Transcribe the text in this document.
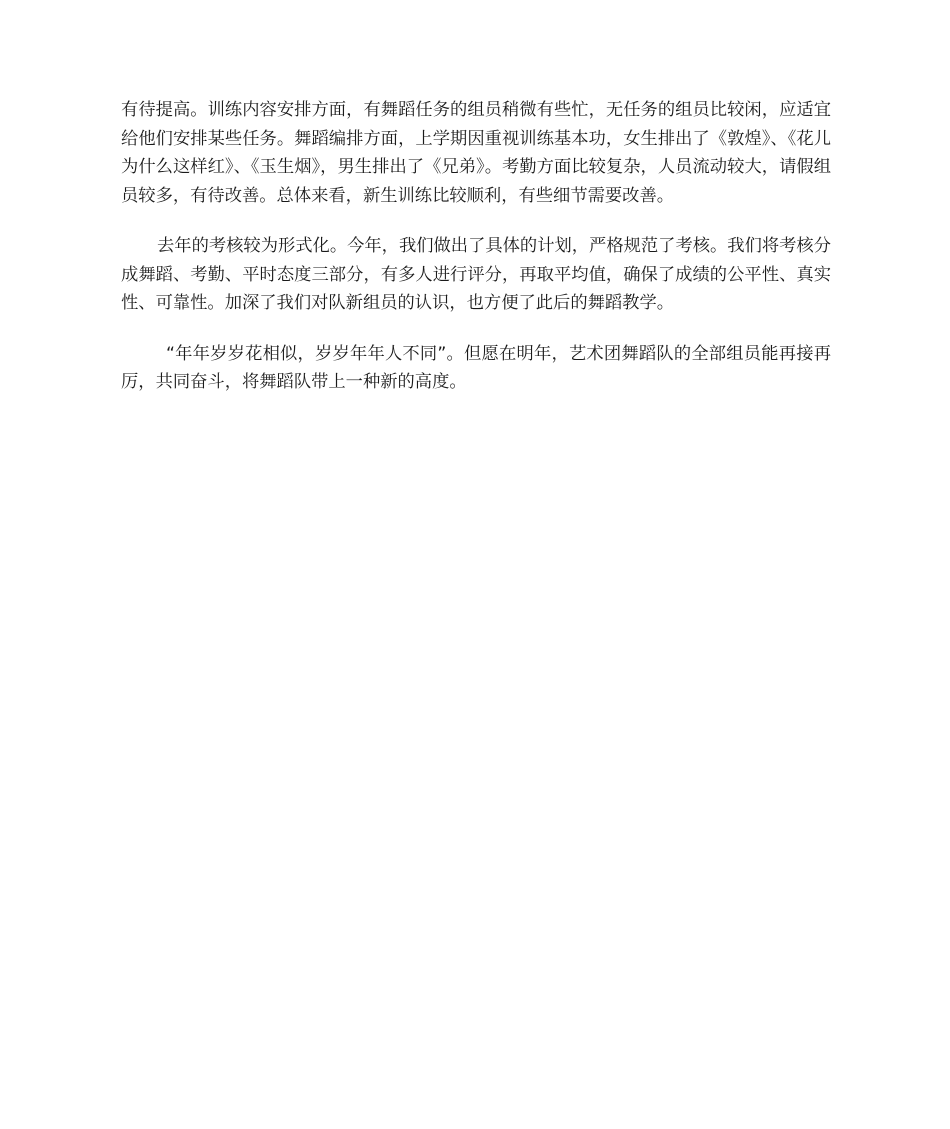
有待提高。训练内容安排方面，有舞蹈任务的组员稍微有些忙，无任务的组员比较闲，应适宜给他们安排某些任务。舞蹈编排方面，上学期因重视训练基本功，女生排出了《敦煌》、《花儿为什么这样红》、《玉生烟》，男生排出了《兄弟》。考勤方面比较复杂，人员流动较大，请假组员较多，有待改善。总体来看，新生训练比较顺利，有些细节需要改善。

去年的考核较为形式化。今年，我们做出了具体的计划，严格规范了考核。我们将考核分成舞蹈、考勤、平时态度三部分，有多人进行评分，再取平均值，确保了成绩的公平性、真实性、可靠性。加深了我们对队新组员的认识，也方便了此后的舞蹈教学。

“年年岁岁花相似，岁岁年年人不同”。但愿在明年，艺术团舞蹈队的全部组员能再接再厉，共同奋斗，将舞蹈队带上一种新的高度。
